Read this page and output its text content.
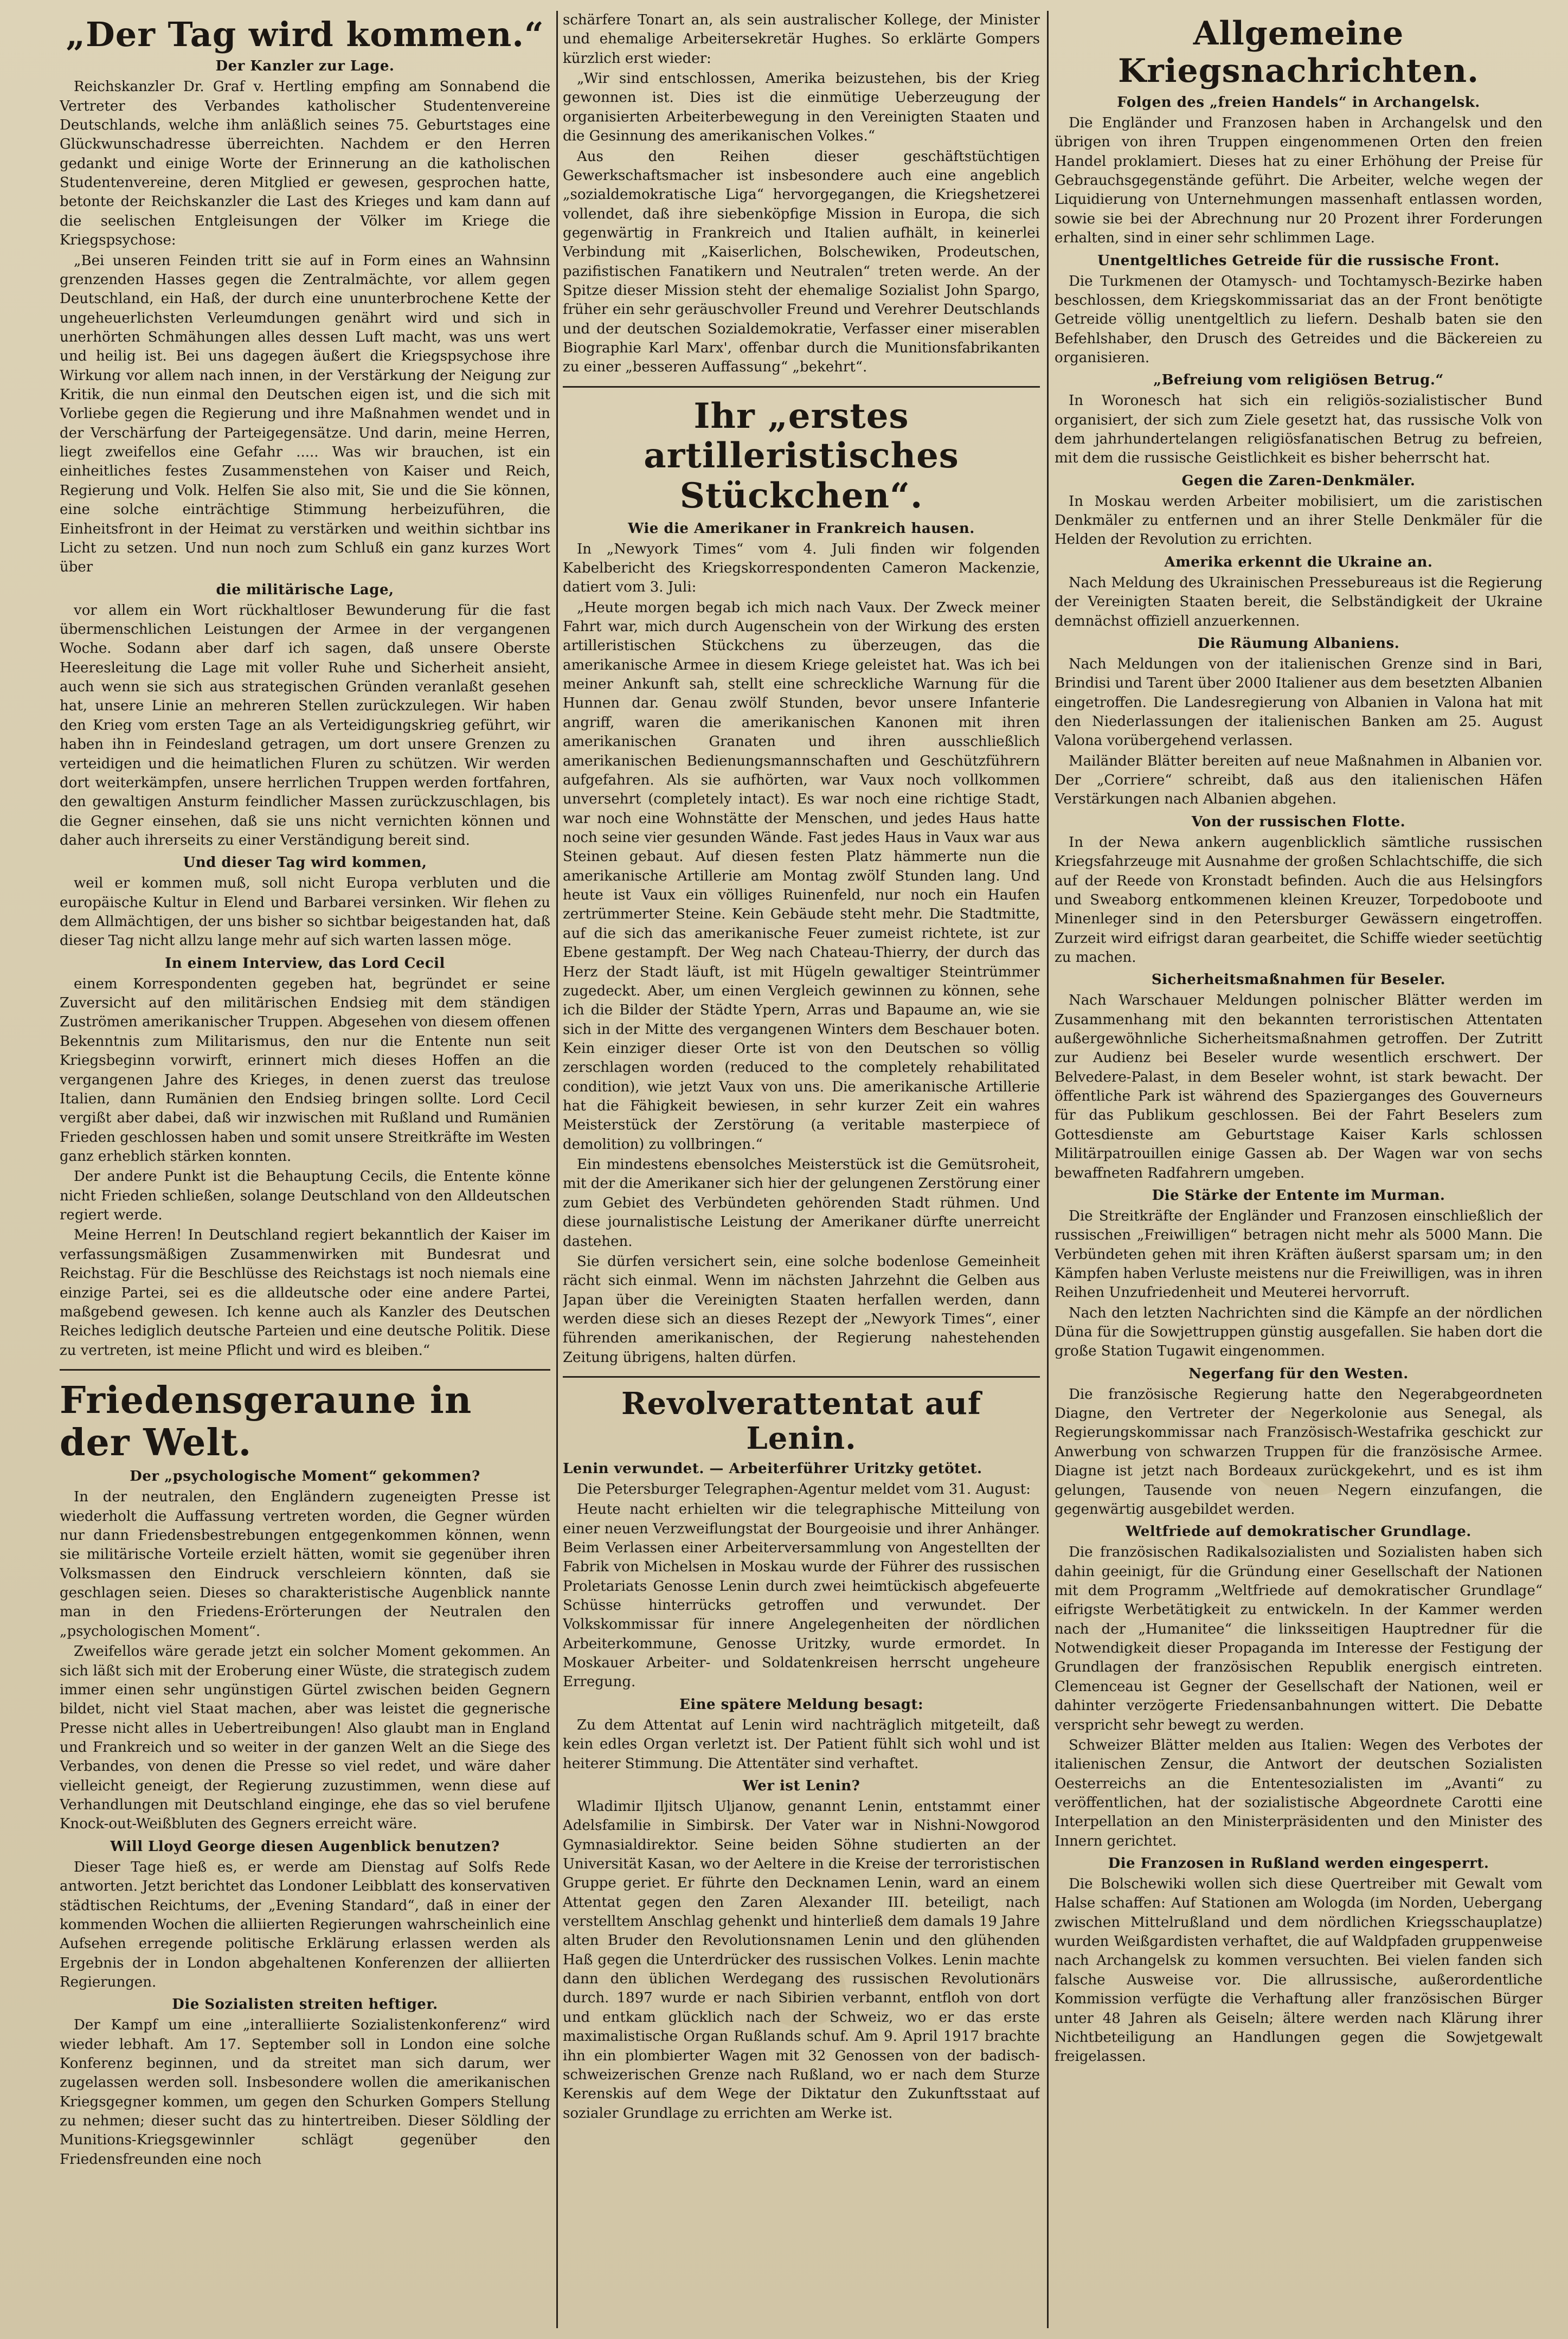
„Der Tag wird kommen.“
Der Kanzler zur Lage.

Reichskanzler Dr. Graf v. Hertling empfing am Sonnabend die Vertreter des Verbandes katholischer Studentenvereine Deutschlands, welche ihm anläßlich seines 75. Geburtstages eine Glückwunschadresse überreichten. Nachdem er den Herren gedankt und einige Worte der Erinnerung an die katholischen Studentenvereine, deren Mitglied er gewesen, gesprochen hatte, betonte der Reichskanzler die Last des Krieges und kam dann auf die seelischen Entgleisungen der Völker im Kriege die Kriegspsychose:

„Bei unseren Feinden tritt sie auf in Form eines an Wahnsinn grenzenden Hasses gegen die Zentralmächte, vor allem gegen Deutschland, ein Haß, der durch eine ununterbrochene Kette der ungeheuerlichsten Verleumdungen genährt wird und sich in unerhörten Schmähungen alles dessen Luft macht, was uns wert und heilig ist. Bei uns dagegen äußert die Kriegspsychose ihre Wirkung vor allem nach innen, in der Verstärkung der Neigung zur Kritik, die nun einmal den Deutschen eigen ist, und die sich mit Vorliebe gegen die Regierung und ihre Maßnahmen wendet und in der Verschärfung der Parteigegensätze. Und darin, meine Herren, liegt zweifellos eine Gefahr ..... Was wir brauchen, ist ein einheitliches festes Zusammenstehen von Kaiser und Reich, Regierung und Volk. Helfen Sie also mit, Sie und die Sie können, eine solche einträchtige Stimmung herbeizuführen, die Einheitsfront in der Heimat zu verstärken und weithin sichtbar ins Licht zu setzen. Und nun noch zum Schluß ein ganz kurzes Wort über

die militärische Lage,

vor allem ein Wort rückhaltloser Bewunderung für die fast übermenschlichen Leistungen der Armee in der vergangenen Woche. Sodann aber darf ich sagen, daß unsere Oberste Heeresleitung die Lage mit voller Ruhe und Sicherheit ansieht, auch wenn sie sich aus strategischen Gründen veranlaßt gesehen hat, unsere Linie an mehreren Stellen zurückzulegen. Wir haben den Krieg vom ersten Tage an als Verteidigungskrieg geführt, wir haben ihn in Feindesland getragen, um dort unsere Grenzen zu verteidigen und die heimatlichen Fluren zu schützen. Wir werden dort weiterkämpfen, unsere herrlichen Truppen werden fortfahren, den gewaltigen Ansturm feindlicher Massen zurückzuschlagen, bis die Gegner einsehen, daß sie uns nicht vernichten können und daher auch ihrerseits zu einer Verständigung bereit sind.

Und dieser Tag wird kommen,

weil er kommen muß, soll nicht Europa verbluten und die europäische Kultur in Elend und Barbarei versinken. Wir flehen zu dem Allmächtigen, der uns bisher so sichtbar beigestanden hat, daß dieser Tag nicht allzu lange mehr auf sich warten lassen möge.

In einem Interview, das Lord Cecil

einem Korrespondenten gegeben hat, begründet er seine Zuversicht auf den militärischen Endsieg mit dem ständigen Zuströmen amerikanischer Truppen. Abgesehen von diesem offenen Bekenntnis zum Militarismus, den nur die Entente nun seit Kriegsbeginn vorwirft, erinnert mich dieses Hoffen an die vergangenen Jahre des Krieges, in denen zuerst das treulose Italien, dann Rumänien den Endsieg bringen sollte. Lord Cecil vergißt aber dabei, daß wir inzwischen mit Rußland und Rumänien Frieden geschlossen haben und somit unsere Streitkräfte im Westen ganz erheblich stärken konnten.

Der andere Punkt ist die Behauptung Cecils, die Entente könne nicht Frieden schließen, solange Deutschland von den Alldeutschen regiert werde.

Meine Herren! In Deutschland regiert bekanntlich der Kaiser im verfassungsmäßigen Zusammenwirken mit Bundesrat und Reichstag. Für die Beschlüsse des Reichstags ist noch niemals eine einzige Partei, sei es die alldeutsche oder eine andere Partei, maßgebend gewesen. Ich kenne auch als Kanzler des Deutschen Reiches lediglich deutsche Parteien und eine deutsche Politik. Diese zu vertreten, ist meine Pflicht und wird es bleiben.“

Friedensgeraune in der Welt.
Der „psychologische Moment“ gekommen?

In der neutralen, den Engländern zugeneigten Presse ist wiederholt die Auffassung vertreten worden, die Gegner würden nur dann Friedensbestrebungen entgegenkommen können, wenn sie militärische Vorteile erzielt hätten, womit sie gegenüber ihren Volksmassen den Eindruck verschleiern könnten, daß sie geschlagen seien. Dieses so charakteristische Augenblick nannte man in den Friedens-Erörterungen der Neutralen den „psychologischen Moment“.

Zweifellos wäre gerade jetzt ein solcher Moment gekommen. An sich läßt sich mit der Eroberung einer Wüste, die strategisch zudem immer einen sehr ungünstigen Gürtel zwischen beiden Gegnern bildet, nicht viel Staat machen, aber was leistet die gegnerische Presse nicht alles in Uebertreibungen! Also glaubt man in England und Frankreich und so weiter in der ganzen Welt an die Siege des Verbandes, von denen die Presse so viel redet, und wäre daher vielleicht geneigt, der Regierung zuzustimmen, wenn diese auf Verhandlungen mit Deutschland einginge, ehe das so viel berufene Knock-out-Weißbluten des Gegners erreicht wäre.

Will Lloyd George diesen Augenblick benutzen?

Dieser Tage hieß es, er werde am Dienstag auf Solfs Rede antworten. Jetzt berichtet das Londoner Leibblatt des konservativen städtischen Reichtums, der „Evening Standard“, daß in einer der kommenden Wochen die alliierten Regierungen wahrscheinlich eine Aufsehen erregende politische Erklärung erlassen werden als Ergebnis der in London abgehaltenen Konferenzen der alliierten Regierungen.

Die Sozialisten streiten heftiger.

Der Kampf um eine „interalliierte Sozialistenkonferenz“ wird wieder lebhaft. Am 17. September soll in London eine solche Konferenz beginnen, und da streitet man sich darum, wer zugelassen werden soll. Insbesondere wollen die amerikanischen Kriegsgegner kommen, um gegen den Schurken Gompers Stellung zu nehmen; dieser sucht das zu hintertreiben. Dieser Söldling der Munitions-Kriegsgewinnler schlägt gegenüber den Friedensfreunden eine noch

schärfere Tonart an, als sein australischer Kollege, der Minister und ehemalige Arbeitersekretär Hughes. So erklärte Gompers kürzlich erst wieder:

„Wir sind entschlossen, Amerika beizustehen, bis der Krieg gewonnen ist. Dies ist die einmütige Ueberzeugung der organisierten Arbeiterbewegung in den Vereinigten Staaten und die Gesinnung des amerikanischen Volkes.“

Aus den Reihen dieser geschäftstüchtigen Gewerkschaftsmacher ist insbesondere auch eine angeblich „sozialdemokratische Liga“ hervorgegangen, die Kriegshetzerei vollendet, daß ihre siebenköpfige Mission in Europa, die sich gegenwärtig in Frankreich und Italien aufhält, in keinerlei Verbindung mit „Kaiserlichen, Bolschewiken, Prodeutschen, pazifistischen Fanatikern und Neutralen“ treten werde. An der Spitze dieser Mission steht der ehemalige Sozialist John Spargo, früher ein sehr geräuschvoller Freund und Verehrer Deutschlands und der deutschen Sozialdemokratie, Verfasser einer miserablen Biographie Karl Marx', offenbar durch die Munitionsfabrikanten zu einer „besseren Auffassung“ „bekehrt“.

Ihr „erstes artilleristisches Stückchen“.
Wie die Amerikaner in Frankreich hausen.

In „Newyork Times“ vom 4. Juli finden wir folgenden Kabelbericht des Kriegskorrespondenten Cameron Mackenzie, datiert vom 3. Juli:

„Heute morgen begab ich mich nach Vaux. Der Zweck meiner Fahrt war, mich durch Augenschein von der Wirkung des ersten artilleristischen Stückchens zu überzeugen, das die amerikanische Armee in diesem Kriege geleistet hat. Was ich bei meiner Ankunft sah, stellt eine schreckliche Warnung für die Hunnen dar. Genau zwölf Stunden, bevor unsere Infanterie angriff, waren die amerikanischen Kanonen mit ihren amerikanischen Granaten und ihren ausschließlich amerikanischen Bedienungsmannschaften und Geschützführern aufgefahren. Als sie aufhörten, war Vaux noch vollkommen unversehrt (completely intact). Es war noch eine richtige Stadt, war noch eine Wohnstätte der Menschen, und jedes Haus hatte noch seine vier gesunden Wände. Fast jedes Haus in Vaux war aus Steinen gebaut. Auf diesen festen Platz hämmerte nun die amerikanische Artillerie am Montag zwölf Stunden lang. Und heute ist Vaux ein völliges Ruinenfeld, nur noch ein Haufen zertrümmerter Steine. Kein Gebäude steht mehr. Die Stadtmitte, auf die sich das amerikanische Feuer zumeist richtete, ist zur Ebene gestampft. Der Weg nach Chateau-Thierry, der durch das Herz der Stadt läuft, ist mit Hügeln gewaltiger Steintrümmer zugedeckt. Aber, um einen Vergleich gewinnen zu können, sehe ich die Bilder der Städte Ypern, Arras und Bapaume an, wie sie sich in der Mitte des vergangenen Winters dem Beschauer boten. Kein einziger dieser Orte ist von den Deutschen so völlig zerschlagen worden (reduced to the completely rehabilitated condition), wie jetzt Vaux von uns. Die amerikanische Artillerie hat die Fähigkeit bewiesen, in sehr kurzer Zeit ein wahres Meisterstück der Zerstörung (a veritable masterpiece of demolition) zu vollbringen.“

Ein mindestens ebensolches Meisterstück ist die Gemütsroheit, mit der die Amerikaner sich hier der gelungenen Zerstörung einer zum Gebiet des Verbündeten gehörenden Stadt rühmen. Und diese journalistische Leistung der Amerikaner dürfte unerreicht dastehen.

Sie dürfen versichert sein, eine solche bodenlose Gemeinheit rächt sich einmal. Wenn im nächsten Jahrzehnt die Gelben aus Japan über die Vereinigten Staaten herfallen werden, dann werden diese sich an dieses Rezept der „Newyork Times“, einer führenden amerikanischen, der Regierung nahestehenden Zeitung übrigens, halten dürfen.

Revolverattentat auf Lenin.
Lenin verwundet. — Arbeiterführer Uritzky getötet.

Die Petersburger Telegraphen-Agentur meldet vom 31. August:

Heute nacht erhielten wir die telegraphische Mitteilung von einer neuen Verzweiflungstat der Bourgeoisie und ihrer Anhänger. Beim Verlassen einer Arbeiterversammlung von Angestellten der Fabrik von Michelsen in Moskau wurde der Führer des russischen Proletariats Genosse Lenin durch zwei heimtückisch abgefeuerte Schüsse hinterrücks getroffen und verwundet. Der Volkskommissar für innere Angelegenheiten der nördlichen Arbeiterkommune, Genosse Uritzky, wurde ermordet. In Moskauer Arbeiter- und Soldatenkreisen herrscht ungeheure Erregung.

Eine spätere Meldung besagt:

Zu dem Attentat auf Lenin wird nachträglich mitgeteilt, daß kein edles Organ verletzt ist. Der Patient fühlt sich wohl und ist heiterer Stimmung. Die Attentäter sind verhaftet.

Wer ist Lenin?

Wladimir Iljitsch Uljanow, genannt Lenin, entstammt einer Adelsfamilie in Simbirsk. Der Vater war in Nishni-Nowgorod Gymnasialdirektor. Seine beiden Söhne studierten an der Universität Kasan, wo der Aeltere in die Kreise der terroristischen Gruppe geriet. Er führte den Decknamen Lenin, ward an einem Attentat gegen den Zaren Alexander III. beteiligt, nach verstelltem Anschlag gehenkt und hinterließ dem damals 19 Jahre alten Bruder den Revolutionsnamen Lenin und den glühenden Haß gegen die Unterdrücker des russischen Volkes. Lenin machte dann den üblichen Werdegang des russischen Revolutionärs durch. 1897 wurde er nach Sibirien verbannt, entfloh von dort und entkam glücklich nach der Schweiz, wo er das erste maximalistische Organ Rußlands schuf. Am 9. April 1917 brachte ihn ein plombierter Wagen mit 32 Genossen von der badisch-schweizerischen Grenze nach Rußland, wo er nach dem Sturze Kerenskis auf dem Wege der Diktatur den Zukunftsstaat auf sozialer Grundlage zu errichten am Werke ist.

Allgemeine Kriegsnachrichten.
Folgen des „freien Handels“ in Archangelsk.

Die Engländer und Franzosen haben in Archangelsk und den übrigen von ihren Truppen eingenommenen Orten den freien Handel proklamiert. Dieses hat zu einer Erhöhung der Preise für Gebrauchsgegenstände geführt. Die Arbeiter, welche wegen der Liquidierung von Unternehmungen massenhaft entlassen worden, sowie sie bei der Abrechnung nur 20 Prozent ihrer Forderungen erhalten, sind in einer sehr schlimmen Lage.

Unentgeltliches Getreide für die russische Front.

Die Turkmenen der Otamysch- und Tochtamysch-Bezirke haben beschlossen, dem Kriegskommissariat das an der Front benötigte Getreide völlig unentgeltlich zu liefern. Deshalb baten sie den Befehlshaber, den Drusch des Getreides und die Bäckereien zu organisieren.

„Befreiung vom religiösen Betrug.“

In Woronesch hat sich ein religiös-sozialistischer Bund organisiert, der sich zum Ziele gesetzt hat, das russische Volk von dem jahrhundertelangen religiösfanatischen Betrug zu befreien, mit dem die russische Geistlichkeit es bisher beherrscht hat.

Gegen die Zaren-Denkmäler.

In Moskau werden Arbeiter mobilisiert, um die zaristischen Denkmäler zu entfernen und an ihrer Stelle Denkmäler für die Helden der Revolution zu errichten.

Amerika erkennt die Ukraine an.

Nach Meldung des Ukrainischen Pressebureaus ist die Regierung der Vereinigten Staaten bereit, die Selbständigkeit der Ukraine demnächst offiziell anzuerkennen.

Die Räumung Albaniens.

Nach Meldungen von der italienischen Grenze sind in Bari, Brindisi und Tarent über 2000 Italiener aus dem besetzten Albanien eingetroffen. Die Landesregierung von Albanien in Valona hat mit den Niederlassungen der italienischen Banken am 25. August Valona vorübergehend verlassen.

Mailänder Blätter bereiten auf neue Maßnahmen in Albanien vor. Der „Corriere“ schreibt, daß aus den italienischen Häfen Verstärkungen nach Albanien abgehen.

Von der russischen Flotte.

In der Newa ankern augenblicklich sämtliche russischen Kriegsfahrzeuge mit Ausnahme der großen Schlachtschiffe, die sich auf der Reede von Kronstadt befinden. Auch die aus Helsingfors und Sweaborg entkommenen kleinen Kreuzer, Torpedoboote und Minenleger sind in den Petersburger Gewässern eingetroffen. Zurzeit wird eifrigst daran gearbeitet, die Schiffe wieder seetüchtig zu machen.

Sicherheitsmaßnahmen für Beseler.

Nach Warschauer Meldungen polnischer Blätter werden im Zusammenhang mit den bekannten terroristischen Attentaten außergewöhnliche Sicherheitsmaßnahmen getroffen. Der Zutritt zur Audienz bei Beseler wurde wesentlich erschwert. Der Belvedere-Palast, in dem Beseler wohnt, ist stark bewacht. Der öffentliche Park ist während des Spazierganges des Gouverneurs für das Publikum geschlossen. Bei der Fahrt Beselers zum Gottesdienste am Geburtstage Kaiser Karls schlossen Militärpatrouillen einige Gassen ab. Der Wagen war von sechs bewaffneten Radfahrern umgeben.

Die Stärke der Entente im Murman.

Die Streitkräfte der Engländer und Franzosen einschließlich der russischen „Freiwilligen“ betragen nicht mehr als 5000 Mann. Die Verbündeten gehen mit ihren Kräften äußerst sparsam um; in den Kämpfen haben Verluste meistens nur die Freiwilligen, was in ihren Reihen Unzufriedenheit und Meuterei hervorruft.

Nach den letzten Nachrichten sind die Kämpfe an der nördlichen Düna für die Sowjettruppen günstig ausgefallen. Sie haben dort die große Station Tugawit eingenommen.

Negerfang für den Westen.

Die französische Regierung hatte den Negerabgeordneten Diagne, den Vertreter der Negerkolonie aus Senegal, als Regierungskommissar nach Französisch-Westafrika geschickt zur Anwerbung von schwarzen Truppen für die französische Armee. Diagne ist jetzt nach Bordeaux zurückgekehrt, und es ist ihm gelungen, Tausende von neuen Negern einzufangen, die gegenwärtig ausgebildet werden.

Weltfriede auf demokratischer Grundlage.

Die französischen Radikalsozialisten und Sozialisten haben sich dahin geeinigt, für die Gründung einer Gesellschaft der Nationen mit dem Programm „Weltfriede auf demokratischer Grundlage“ eifrigste Werbetätigkeit zu entwickeln. In der Kammer werden nach der „Humanitee“ die linksseitigen Hauptredner für die Notwendigkeit dieser Propaganda im Interesse der Festigung der Grundlagen der französischen Republik energisch eintreten. Clemenceau ist Gegner der Gesellschaft der Nationen, weil er dahinter verzögerte Friedensanbahnungen wittert. Die Debatte verspricht sehr bewegt zu werden.

Schweizer Blätter melden aus Italien: Wegen des Verbotes der italienischen Zensur, die Antwort der deutschen Sozialisten Oesterreichs an die Ententesozialisten im „Avanti“ zu veröffentlichen, hat der sozialistische Abgeordnete Carotti eine Interpellation an den Ministerpräsidenten und den Minister des Innern gerichtet.

Die Franzosen in Rußland werden eingesperrt.

Die Bolschewiki wollen sich diese Quertreiber mit Gewalt vom Halse schaffen: Auf Stationen am Wologda (im Norden, Uebergang zwischen Mittelrußland und dem nördlichen Kriegsschauplatze) wurden Weißgardisten verhaftet, die auf Waldpfaden gruppenweise nach Archangelsk zu kommen versuchten. Bei vielen fanden sich falsche Ausweise vor. Die allrussische, außerordentliche Kommission verfügte die Verhaftung aller französischen Bürger unter 48 Jahren als Geiseln; ältere werden nach Klärung ihrer Nichtbeteiligung an Handlungen gegen die Sowjetgewalt freigelassen.
